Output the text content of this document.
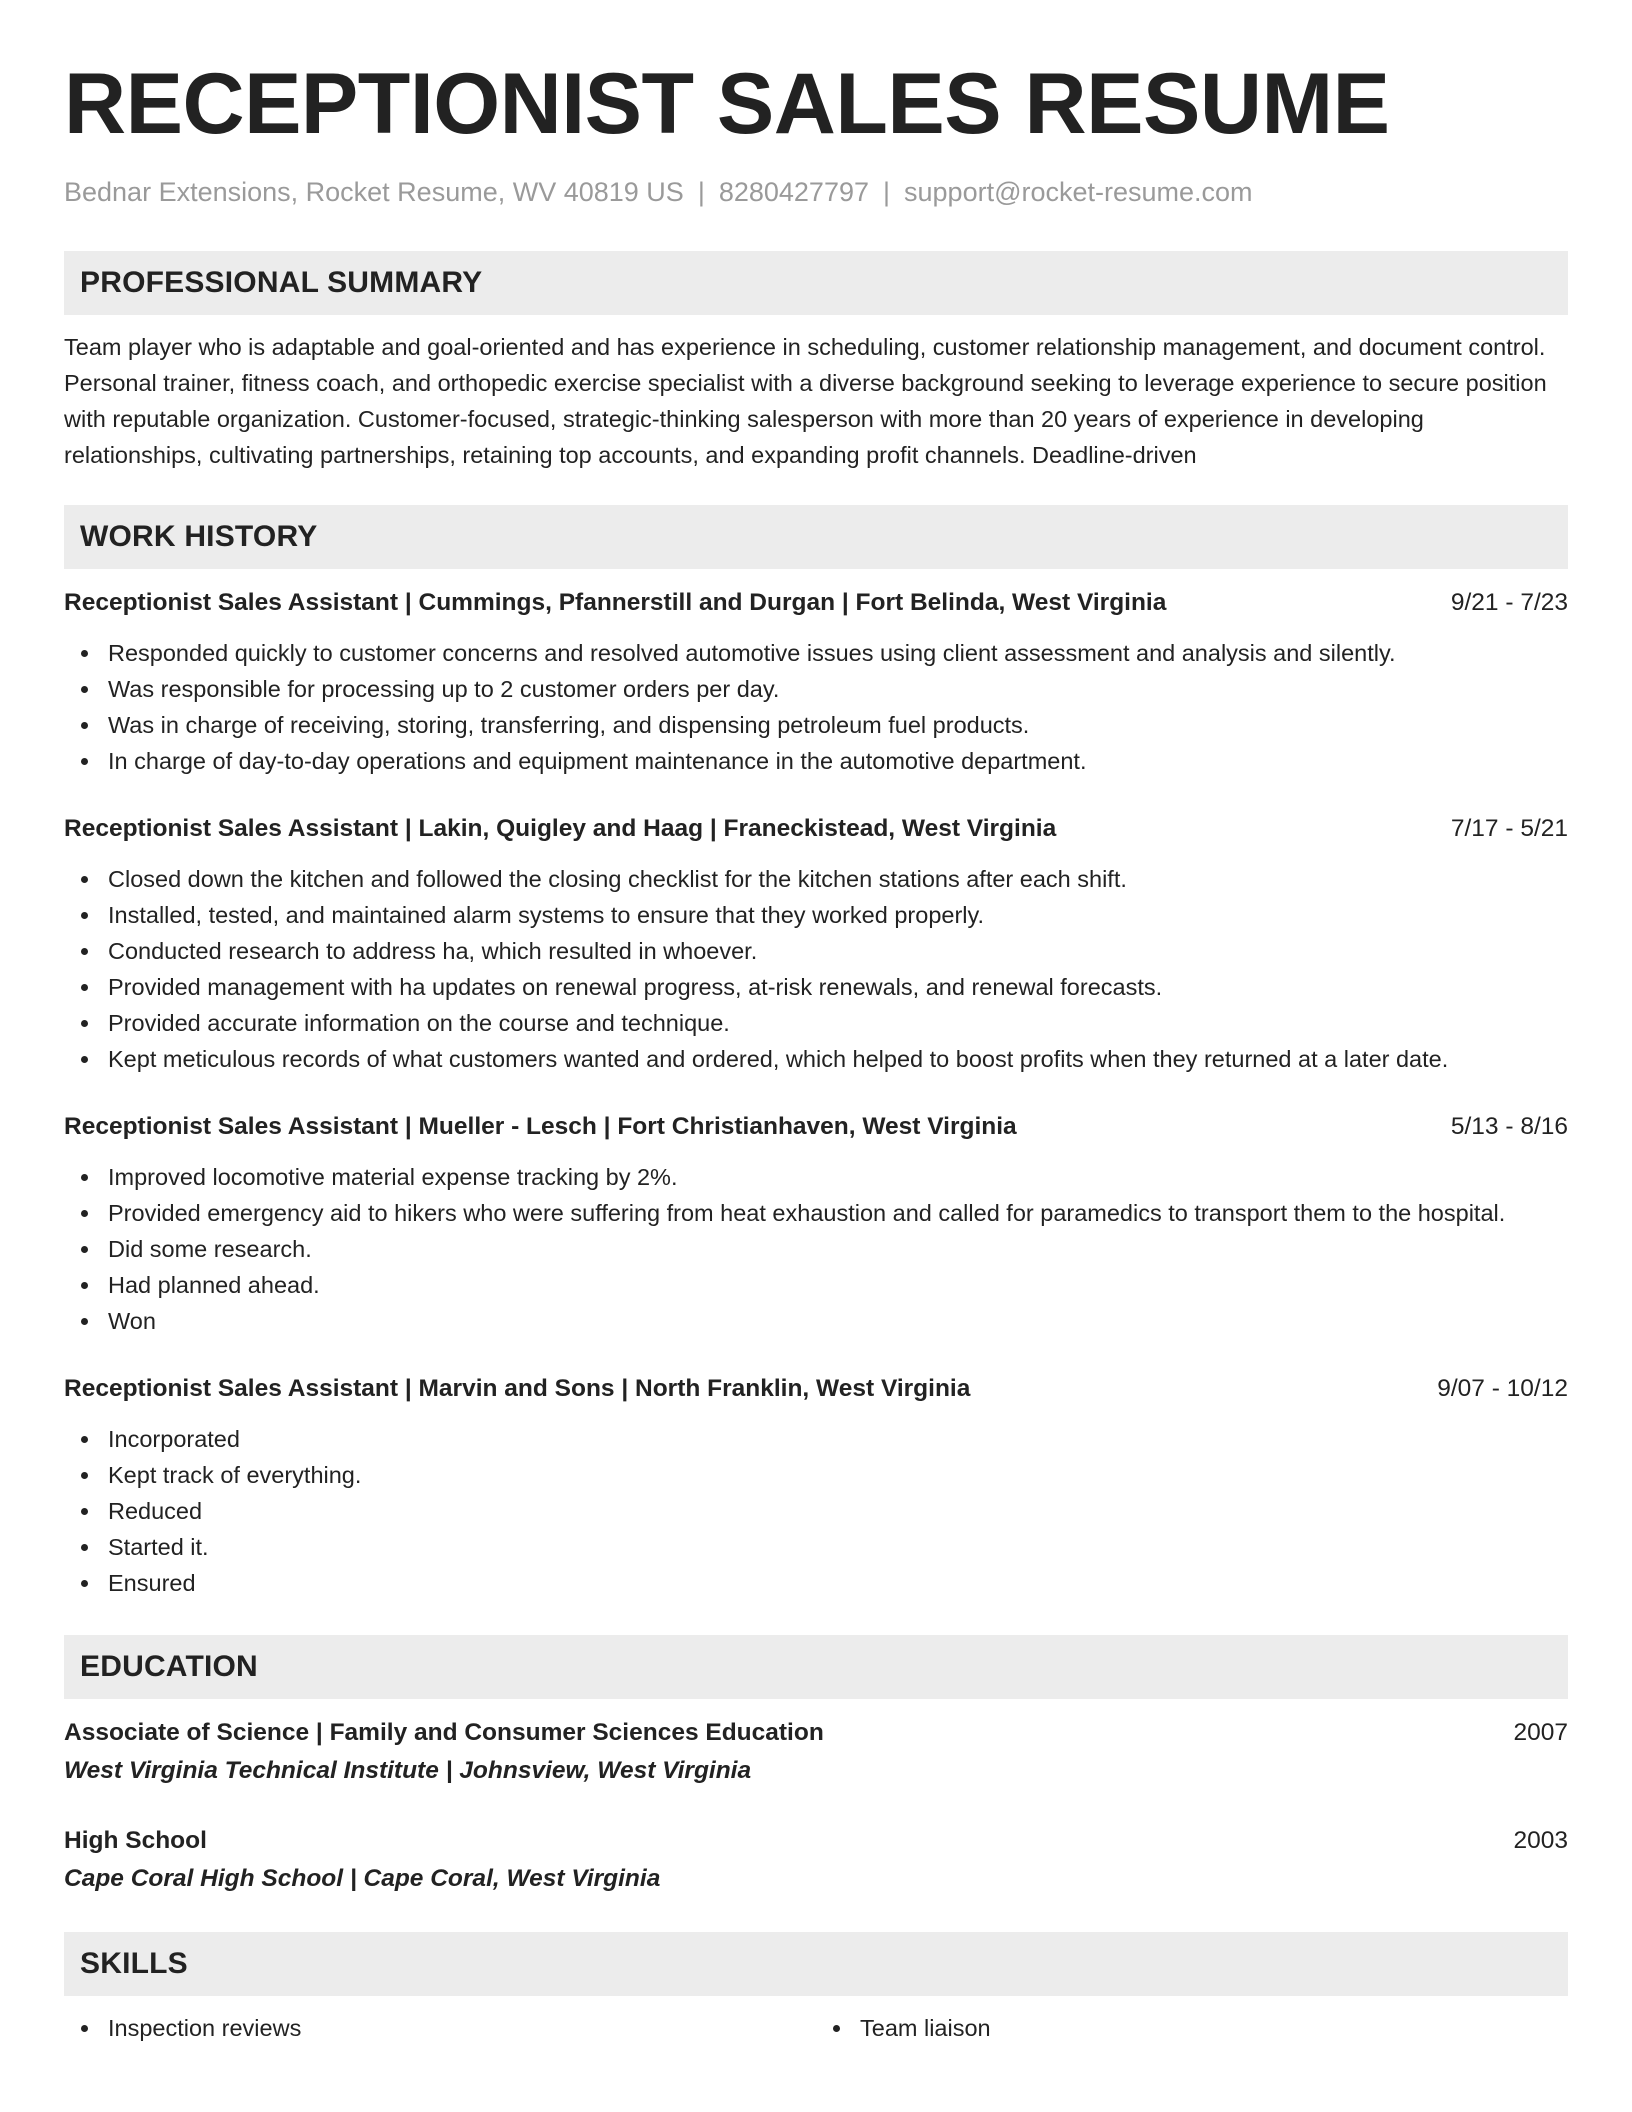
RECEPTIONIST SALES RESUME
Bednar Extensions, Rocket Resume, WV 40819 US | 8280427797 | support@rocket-resume.com
PROFESSIONAL SUMMARY
Team player who is adaptable and goal-oriented and has experience in scheduling, customer relationship management, and document control. Personal trainer, fitness coach, and orthopedic exercise specialist with a diverse background seeking to leverage experience to secure position with reputable organization. Customer-focused, strategic-thinking salesperson with more than 20 years of experience in developing relationships, cultivating partnerships, retaining top accounts, and expanding profit channels. Deadline-driven
WORK HISTORY
Receptionist Sales Assistant | Cummings, Pfannerstill and Durgan | Fort Belinda, West Virginia	9/21 - 7/23
Responded quickly to customer concerns and resolved automotive issues using client assessment and analysis and silently.
Was responsible for processing up to 2 customer orders per day.
Was in charge of receiving, storing, transferring, and dispensing petroleum fuel products.
In charge of day-to-day operations and equipment maintenance in the automotive department.
Receptionist Sales Assistant | Lakin, Quigley and Haag | Franeckistead, West Virginia	7/17 - 5/21
Closed down the kitchen and followed the closing checklist for the kitchen stations after each shift.
Installed, tested, and maintained alarm systems to ensure that they worked properly.
Conducted research to address ha, which resulted in whoever.
Provided management with ha updates on renewal progress, at-risk renewals, and renewal forecasts.
Provided accurate information on the course and technique.
Kept meticulous records of what customers wanted and ordered, which helped to boost profits when they returned at a later date.
Receptionist Sales Assistant | Mueller - Lesch | Fort Christianhaven, West Virginia	5/13 - 8/16
Improved locomotive material expense tracking by 2%.
Provided emergency aid to hikers who were suffering from heat exhaustion and called for paramedics to transport them to the hospital.
Did some research.
Had planned ahead.
Won
Receptionist Sales Assistant | Marvin and Sons | North Franklin, West Virginia	9/07 - 10/12
Incorporated
Kept track of everything.
Reduced
Started it.
Ensured
EDUCATION
Associate of Science | Family and Consumer Sciences Education	2007
West Virginia Technical Institute | Johnsview, West Virginia
High School	2003
Cape Coral High School | Cape Coral, West Virginia
SKILLS
Inspection reviews	Team liaison
